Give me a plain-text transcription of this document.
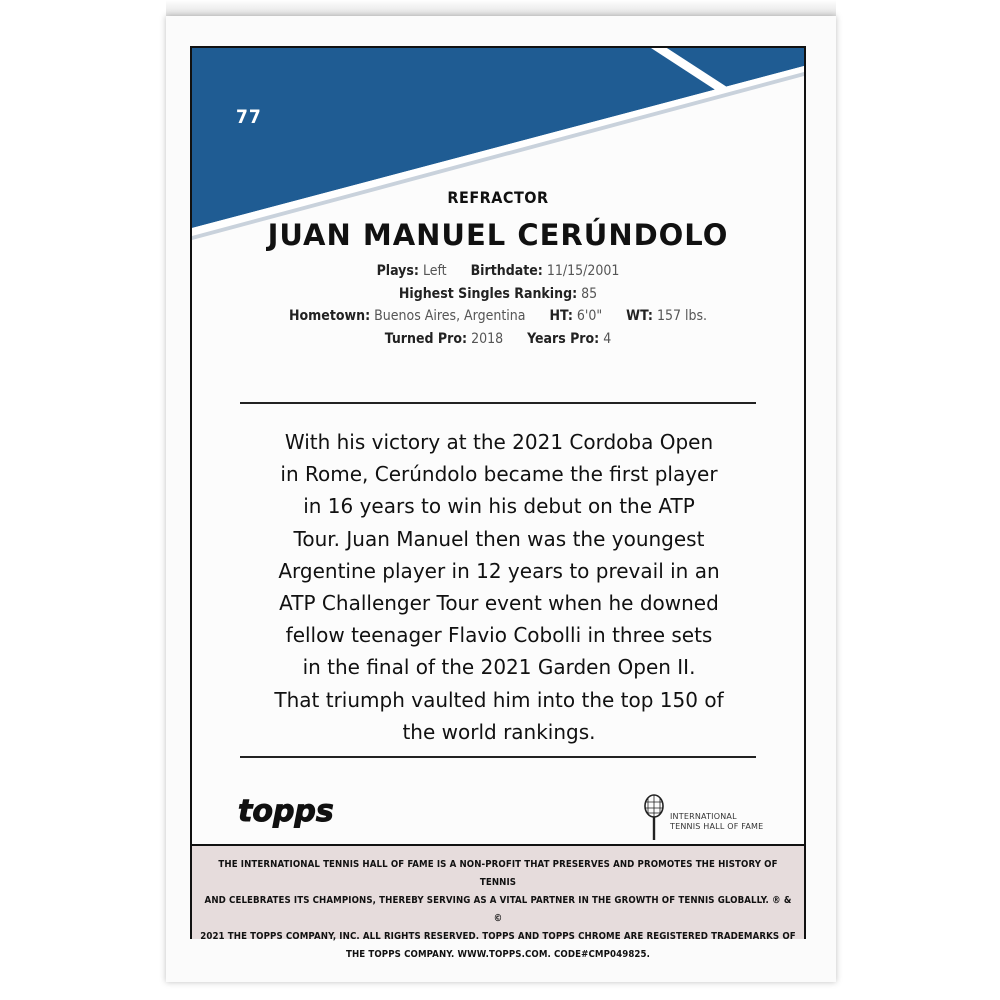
77
REFRACTOR
JUAN MANUEL CERÚNDOLO
Plays: Left Birthdate: 11/15/2001
Highest Singles Ranking: 85
Hometown: Buenos Aires, Argentina HT: 6'0" WT: 157 lbs.
Turned Pro: 2018 Years Pro: 4
With his victory at the 2021 Cordoba Open
in Rome, Cerúndolo became the first player
in 16 years to win his debut on the ATP
Tour. Juan Manuel then was the youngest
Argentine player in 12 years to prevail in an
ATP Challenger Tour event when he downed
fellow teenager Flavio Cobolli in three sets
in the final of the 2021 Garden Open II.
That triumph vaulted him into the top 150 of
the world rankings.
topps	INTERNATIONAL
TENNIS HALL OF FAME
THE INTERNATIONAL TENNIS HALL OF FAME IS A NON-PROFIT THAT PRESERVES AND PROMOTES THE HISTORY OF TENNIS
AND CELEBRATES ITS CHAMPIONS, THEREBY SERVING AS A VITAL PARTNER IN THE GROWTH OF TENNIS GLOBALLY. ® & ©
2021 THE TOPPS COMPANY, INC. ALL RIGHTS RESERVED. TOPPS AND TOPPS CHROME ARE REGISTERED TRADEMARKS OF
THE TOPPS COMPANY. WWW.TOPPS.COM. CODE#CMP049825.
